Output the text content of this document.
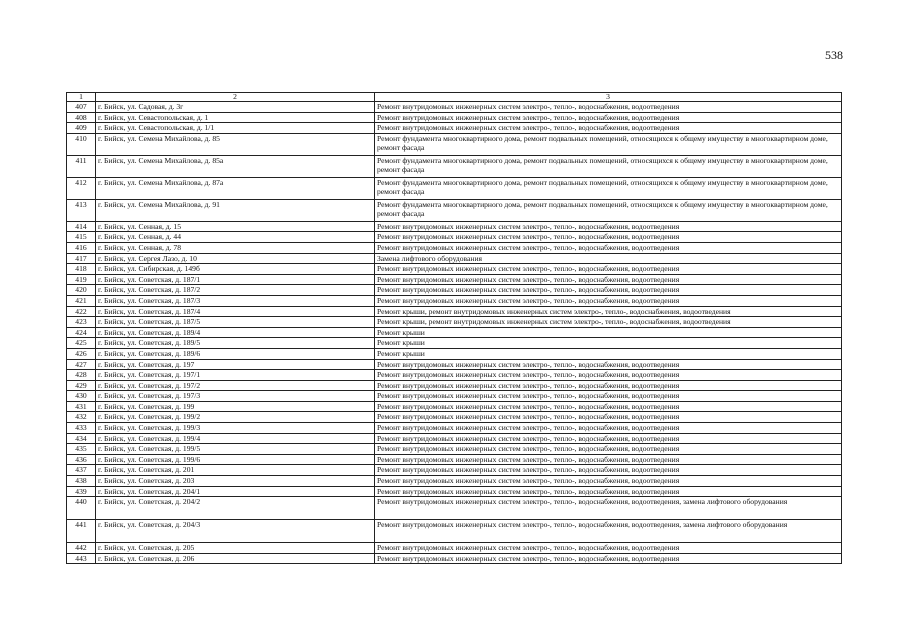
538
1	2	3
407	г. Бийск, ул. Садовая, д. 3г	Ремонт внутридомовых инженерных систем электро-, тепло-, водоснабжения, водоотведения
408	г. Бийск, ул. Севастопольская, д. 1	Ремонт внутридомовых инженерных систем электро-, тепло-, водоснабжения, водоотведения
409	г. Бийск, ул. Севастопольская, д. 1/1	Ремонт внутридомовых инженерных систем электро-, тепло-, водоснабжения, водоотведения
410	г. Бийск, ул. Семена Михайлова, д. 85	Ремонт фундамента многоквартирного дома, ремонт подвальных помещений, относящихся к общему имуществу в многоквартирном доме, ремонт фасада
411	г. Бийск, ул. Семена Михайлова, д. 85а	Ремонт фундамента многоквартирного дома, ремонт подвальных помещений, относящихся к общему имуществу в многоквартирном доме, ремонт фасада
412	г. Бийск, ул. Семена Михайлова, д. 87а	Ремонт фундамента многоквартирного дома, ремонт подвальных помещений, относящихся к общему имуществу в многоквартирном доме, ремонт фасада
413	г. Бийск, ул. Семена Михайлова, д. 91	Ремонт фундамента многоквартирного дома, ремонт подвальных помещений, относящихся к общему имуществу в многоквартирном доме, ремонт фасада
414	г. Бийск, ул. Сенная, д. 15	Ремонт внутридомовых инженерных систем электро-, тепло-, водоснабжения, водоотведения
415	г. Бийск, ул. Сенная, д. 44	Ремонт внутридомовых инженерных систем электро-, тепло-, водоснабжения, водоотведения
416	г. Бийск, ул. Сенная, д. 78	Ремонт внутридомовых инженерных систем электро-, тепло-, водоснабжения, водоотведения
417	г. Бийск, ул. Сергея Лазо, д. 10	Замена лифтового оборудования
418	г. Бийск, ул. Сибирская, д. 149б	Ремонт внутридомовых инженерных систем электро-, тепло-, водоснабжения, водоотведения
419	г. Бийск, ул. Советская, д. 187/1	Ремонт внутридомовых инженерных систем электро-, тепло-, водоснабжения, водоотведения
420	г. Бийск, ул. Советская, д. 187/2	Ремонт внутридомовых инженерных систем электро-, тепло-, водоснабжения, водоотведения
421	г. Бийск, ул. Советская, д. 187/3	Ремонт внутридомовых инженерных систем электро-, тепло-, водоснабжения, водоотведения
422	г. Бийск, ул. Советская, д. 187/4	Ремонт крыши, ремонт внутридомовых инженерных систем электро-, тепло-, водоснабжения, водоотведения
423	г. Бийск, ул. Советская, д. 187/5	Ремонт крыши, ремонт внутридомовых инженерных систем электро-, тепло-, водоснабжения, водоотведения
424	г. Бийск, ул. Советская, д. 189/4	Ремонт крыши
425	г. Бийск, ул. Советская, д. 189/5	Ремонт крыши
426	г. Бийск, ул. Советская, д. 189/6	Ремонт крыши
427	г. Бийск, ул. Советская, д. 197	Ремонт внутридомовых инженерных систем электро-, тепло-, водоснабжения, водоотведения
428	г. Бийск, ул. Советская, д. 197/1	Ремонт внутридомовых инженерных систем электро-, тепло-, водоснабжения, водоотведения
429	г. Бийск, ул. Советская, д. 197/2	Ремонт внутридомовых инженерных систем электро-, тепло-, водоснабжения, водоотведения
430	г. Бийск, ул. Советская, д. 197/3	Ремонт внутридомовых инженерных систем электро-, тепло-, водоснабжения, водоотведения
431	г. Бийск, ул. Советская, д. 199	Ремонт внутридомовых инженерных систем электро-, тепло-, водоснабжения, водоотведения
432	г. Бийск, ул. Советская, д. 199/2	Ремонт внутридомовых инженерных систем электро-, тепло-, водоснабжения, водоотведения
433	г. Бийск, ул. Советская, д. 199/3	Ремонт внутридомовых инженерных систем электро-, тепло-, водоснабжения, водоотведения
434	г. Бийск, ул. Советская, д. 199/4	Ремонт внутридомовых инженерных систем электро-, тепло-, водоснабжения, водоотведения
435	г. Бийск, ул. Советская, д. 199/5	Ремонт внутридомовых инженерных систем электро-, тепло-, водоснабжения, водоотведения
436	г. Бийск, ул. Советская, д. 199/6	Ремонт внутридомовых инженерных систем электро-, тепло-, водоснабжения, водоотведения
437	г. Бийск, ул. Советская, д. 201	Ремонт внутридомовых инженерных систем электро-, тепло-, водоснабжения, водоотведения
438	г. Бийск, ул. Советская, д. 203	Ремонт внутридомовых инженерных систем электро-, тепло-, водоснабжения, водоотведения
439	г. Бийск, ул. Советская, д. 204/1	Ремонт внутридомовых инженерных систем электро-, тепло-, водоснабжения, водоотведения
440	г. Бийск, ул. Советская, д. 204/2	Ремонт внутридомовых инженерных систем электро-, тепло-, водоснабжения, водоотведения, замена лифтового оборудования
441	г. Бийск, ул. Советская, д. 204/3	Ремонт внутридомовых инженерных систем электро-, тепло-, водоснабжения, водоотведения, замена лифтового оборудования
442	г. Бийск, ул. Советская, д. 205	Ремонт внутридомовых инженерных систем электро-, тепло-, водоснабжения, водоотведения
443	г. Бийск, ул. Советская, д. 206	Ремонт внутридомовых инженерных систем электро-, тепло-, водоснабжения, водоотведения
